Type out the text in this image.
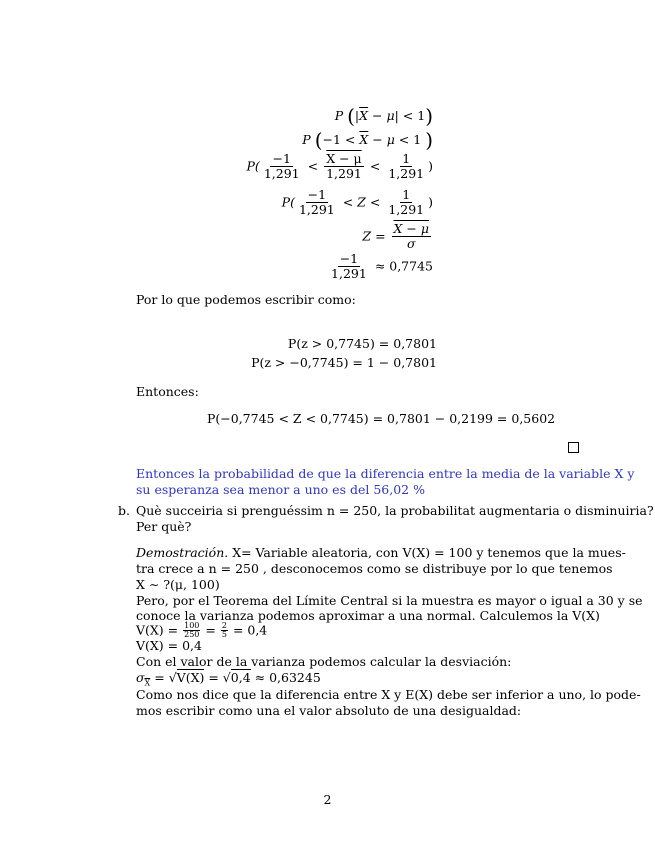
P $(|\overline{X} - \mu| < 1)$
P ($-1 < \overline{X} - \mu < 1$ )
$P( \frac{-1}{1,291} < \frac{X - \mu}{1,291} < \frac{1}{1,291}$ )
$P( \frac{-1}{1,291} < Z < \frac{1}{1,291}$ )
$Z = \frac{X - \mu}{\sigma}$
$\frac{-1}{1,291} \approx 0,7745$
Por lo que podemos escribir como:
P(z > 0,7745) = 0,7801
P(z > −0,7745) = 1 − 0,7801
Entonces:
P(−0,7745 < Z < 0,7745) = 0,7801 − 0,2199 = 0,5602
Entonces la probabilidad de que la diferencia entre la media de la variable X y
su esperanza sea menor a uno es del 56,02 %
b. Què succeiria si prenguéssim n = 250, la probabilitat augmentaria o disminuiria?
Per què?
Demostración. X= Variable aleatoria, con V(X) = 100 y tenemos que la mues-
tra crece a n = 250 , desconocemos como se distribuye por lo que tenemos
X ∼ ?(μ, 100)
Pero, por el Teorema del Límite Central si la muestra es mayor o igual a 30 y se
conoce la varianza podemos aproximar a una normal. Calculemos la V(X)
$V(X) = \frac{100}{250} = \frac{2}{5} = 0,4$
V(X) = 0,4
Con el valor de la varianza podemos calcular la desviación:
$\sigma_{\overline{X}} = √V(X) = √0,4 \approx 0,63245$
Como nos dice que la diferencia entre X y E(X) debe ser inferior a uno, lo pode-
mos escribir como una el valor absoluto de una desigualdad:
2
